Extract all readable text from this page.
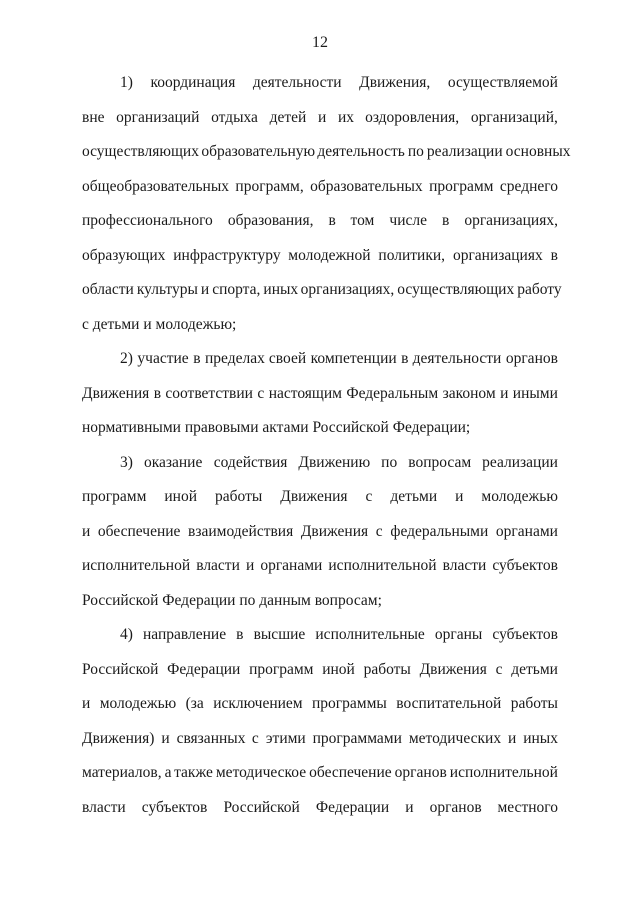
12
1) координация деятельности Движения, осуществляемой
вне организаций отдыха детей и их оздоровления, организаций,
осуществляющих образовательную деятельность по реализации основных
общеобразовательных программ, образовательных программ среднего
профессионального образования, в том числе в организациях,
образующих инфраструктуру молодежной политики, организациях в
области культуры и спорта, иных организациях, осуществляющих работу
с детьми и молодежью;
2) участие в пределах своей компетенции в деятельности органов
Движения в соответствии с настоящим Федеральным законом и иными
нормативными правовыми актами Российской Федерации;
3) оказание содействия Движению по вопросам реализации
программ иной работы Движения с детьми и молодежью
и обеспечение взаимодействия Движения с федеральными органами
исполнительной власти и органами исполнительной власти субъектов
Российской Федерации по данным вопросам;
4) направление в высшие исполнительные органы субъектов
Российской Федерации программ иной работы Движения с детьми
и молодежью (за исключением программы воспитательной работы
Движения) и связанных с этими программами методических и иных
материалов, а также методическое обеспечение органов исполнительной
власти субъектов Российской Федерации и органов местного
